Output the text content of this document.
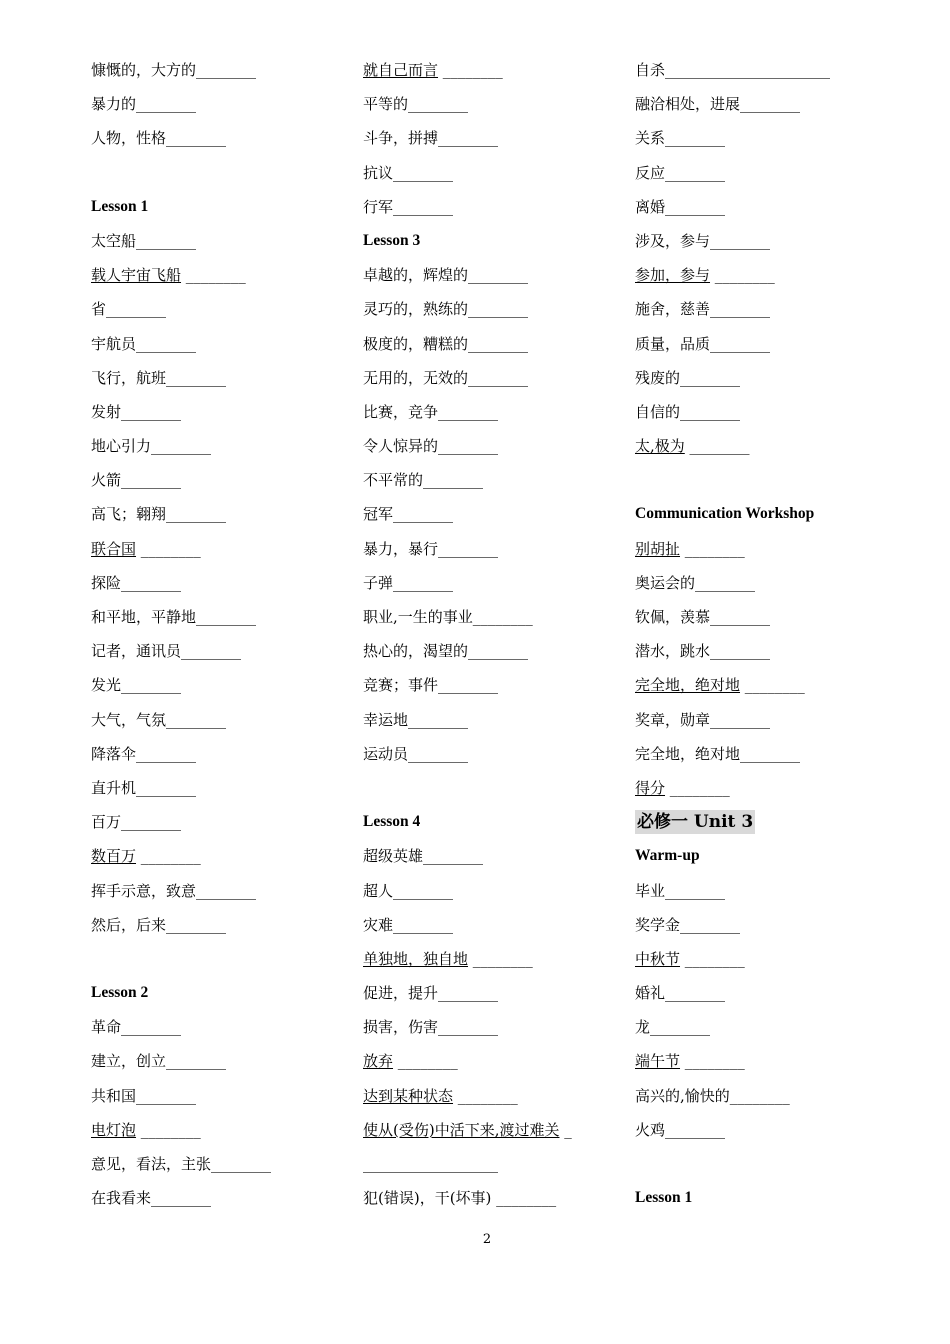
慷慨的，大方的________
暴力的________
人物，性格________
Lesson 1
太空船________
载人宇宙飞船 ________
省________
宇航员________
飞行，航班________
发射________
地心引力________
火箭________
高飞；翱翔________
联合国 ________
探险________
和平地，平静地________
记者，通讯员________
发光________
大气，气氛________
降落伞________
直升机________
百万________
数百万 ________
挥手示意，致意________
然后，后来________
Lesson 2
革命________
建立，创立________
共和国________
电灯泡 ________
意见，看法，主张________
在我看来________
就自己而言 ________
平等的________
斗争，拼搏________
抗议________
行军________
Lesson 3
卓越的，辉煌的________
灵巧的，熟练的________
极度的，糟糕的________
无用的，无效的________
比赛，竞争________
令人惊异的________
不平常的________
冠军________
暴力，暴行________
子弹________
职业,一生的事业________
热心的，渴望的________
竞赛；事件________
幸运地________
运动员________
Lesson 4
超级英雄________
超人________
灾难________
单独地，独自地 ________
促进，提升________
损害，伤害________
放弃 ________
达到某种状态 ________
使从(受伤)中活下来,渡过难关 _
__________________
犯(错误)，干(坏事) ________
自杀______________________
融洽相处，进展________
关系________
反应________
离婚________
涉及，参与________
参加，参与 ________
施舍，慈善________
质量，品质________
残废的________
自信的________
太,极为 ________
Communication Workshop
别胡扯 ________
奥运会的________
钦佩，羡慕________
潜水，跳水________
完全地，绝对地 ________
奖章，勋章________
完全地，绝对地________
得分 ________
必修一 Unit 3
Warm-up
毕业________
奖学金________
中秋节 ________
婚礼________
龙________
端午节 ________
高兴的,愉快的________
火鸡________
Lesson 1
2
